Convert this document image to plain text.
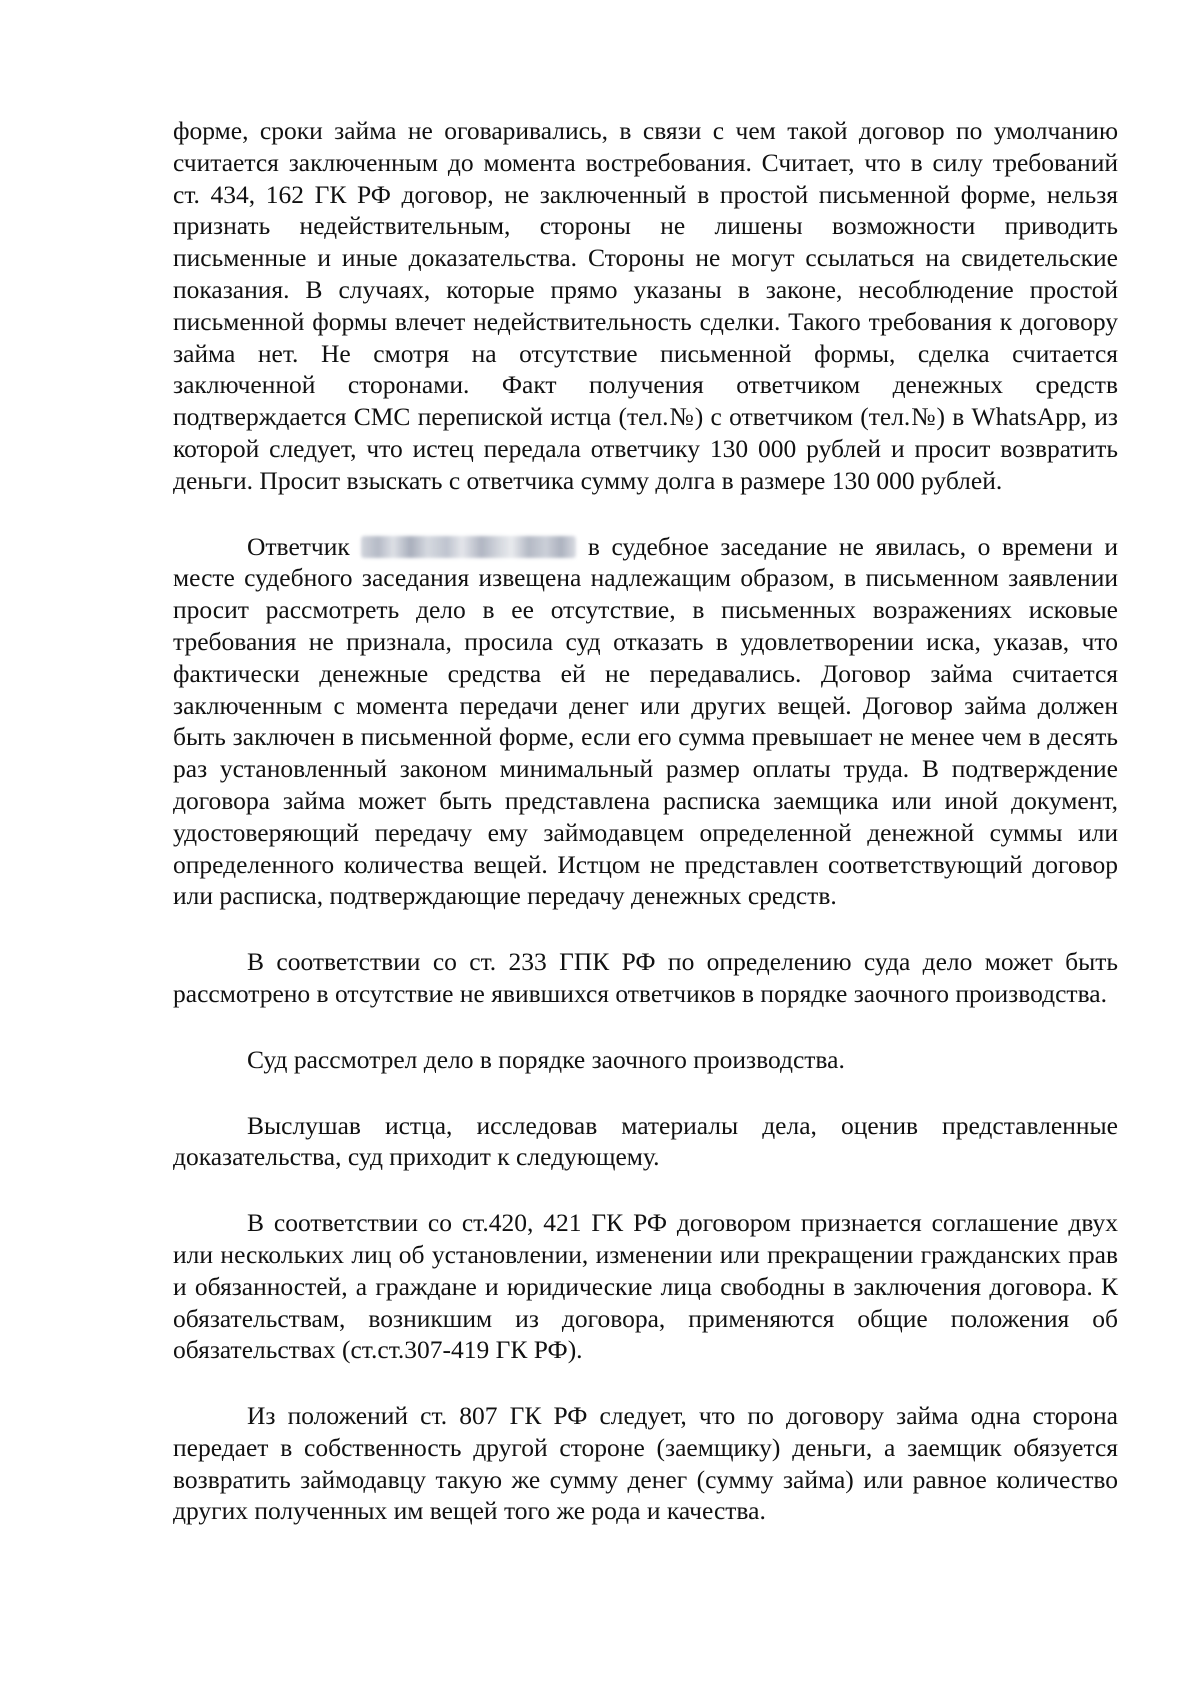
форме, сроки займа не оговаривались, в связи с чем такой договор по умолчанию считается заключенным до момента востребования. Считает, что в силу требований ст. 434, 162 ГК РФ договор, не заключенный в простой письменной форме, нельзя признать недействительным, стороны не лишены возможности приводить письменные и иные доказательства. Стороны не могут ссылаться на свидетельские показания. В случаях, которые прямо указаны в законе, несоблюдение простой письменной формы влечет недействительность сделки. Такого требования к договору займа нет. Не смотря на отсутствие письменной формы, сделка считается заключенной сторонами. Факт получения ответчиком денежных средств подтверждается СМС перепиской истца (тел.№) с ответчиком (тел.№) в WhatsApp, из которой следует, что истец передала ответчику 130 000 рублей и просит возвратить деньги. Просит взыскать с ответчика сумму долга в размере 130 000 рублей.

Ответчик	в судебное заседание не явилась, о времени и месте судебного заседания извещена надлежащим образом, в письменном заявлении просит рассмотреть дело в ее отсутствие, в письменных возражениях исковые требования не признала, просила суд отказать в удовлетворении иска, указав, что фактически денежные средства ей не передавались. Договор займа считается заключенным с момента передачи денег или других вещей. Договор займа должен быть заключен в письменной форме, если его сумма превышает не менее чем в десять раз установленный законом минимальный размер оплаты труда. В подтверждение договора займа может быть представлена расписка заемщика или иной документ, удостоверяющий передачу ему займодавцем определенной денежной суммы или определенного количества вещей. Истцом не представлен соответствующий договор или расписка, подтверждающие передачу денежных средств.

В соответствии со ст. 233 ГПК РФ по определению суда дело может быть рассмотрено в отсутствие не явившихся ответчиков в порядке заочного производства.

Суд рассмотрел дело в порядке заочного производства.

Выслушав истца, исследовав материалы дела, оценив представленные доказательства, суд приходит к следующему.

В соответствии со ст.420, 421 ГК РФ договором признается соглашение двух или нескольких лиц об установлении, изменении или прекращении гражданских прав и обязанностей, а граждане и юридические лица свободны в заключения договора. К обязательствам, возникшим из договора, применяются общие положения об обязательствах (ст.ст.307-419 ГК РФ).

Из положений ст. 807 ГК РФ следует, что по договору займа одна сторона передает в собственность другой стороне (заемщику) деньги, а заемщик обязуется возвратить займодавцу такую же сумму денег (сумму займа) или равное количество других полученных им вещей того же рода и качества.
